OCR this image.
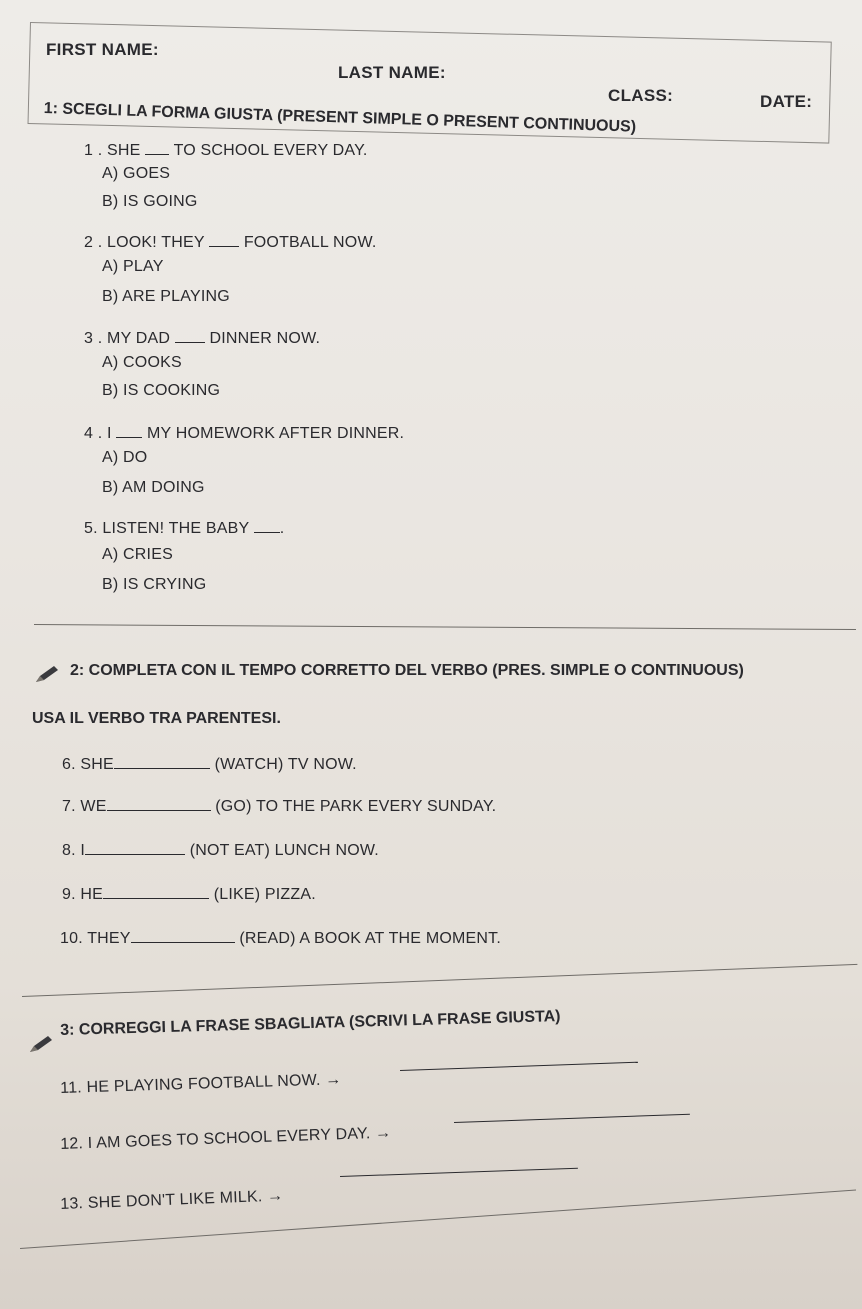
FIRST NAME:
LAST NAME:
CLASS:	DATE:
1: SCEGLI LA FORMA GIUSTA (PRESENT SIMPLE O PRESENT CONTINUOUS)
1 . SHE TO SCHOOL EVERY DAY.
A) GOES
B) IS GOING
2 . LOOK! THEY FOOTBALL NOW.
A) PLAY
B) ARE PLAYING
3 . MY DAD DINNER NOW.
A) COOKS
B) IS COOKING
4 . I MY HOMEWORK AFTER DINNER.
A) DO
B) AM DOING
5. LISTEN! THE BABY .
A) CRIES
B) IS CRYING
2: COMPLETA CON IL TEMPO CORRETTO DEL VERBO (PRES. SIMPLE O CONTINUOUS)
USA IL VERBO TRA PARENTESI.
6. SHE	(WATCH) TV NOW.
7. WE	(GO) TO THE PARK EVERY SUNDAY.
8. I	(NOT EAT) LUNCH NOW.
9. HE	(LIKE) PIZZA.
10. THEY	(READ) A BOOK AT THE MOMENT.
3: CORREGGI LA FRASE SBAGLIATA (SCRIVI LA FRASE GIUSTA)
11. HE PLAYING FOOTBALL NOW. →
12. I AM GOES TO SCHOOL EVERY DAY. →
13. SHE DON'T LIKE MILK. →
